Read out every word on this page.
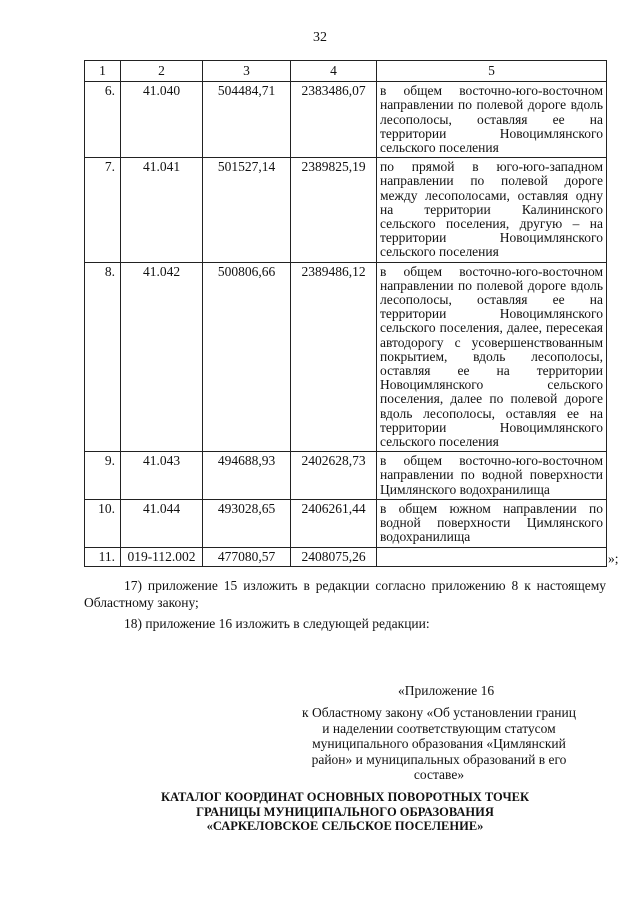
32
1	2	3	4	5
6.	41.040	504484,71	2383486,07	в общем восточно-юго-восточном направлении по полевой дороге вдоль лесополосы, оставляя ее на территории Новоцимлянского сельского поселения
7.	41.041	501527,14	2389825,19	по прямой в юго-юго-западном направлении по полевой дороге между лесополосами, оставляя одну на территории Калининского сельского поселения, другую – на территории Новоцимлянского сельского поселения
8.	41.042	500806,66	2389486,12	в общем восточно-юго-восточном направлении по полевой дороге вдоль лесополосы, оставляя ее на территории Новоцимлянского сельского поселения, далее, пересекая автодорогу с усовершенствованным покрытием, вдоль лесополосы, оставляя ее на территории Новоцимлянского сельского поселения, далее по полевой дороге вдоль лесополосы, оставляя ее на территории Новоцимлянского сельского поселения
9.	41.043	494688,93	2402628,73	в общем восточно-юго-восточном направлении по водной поверхности Цимлянского водохранилища
10.	41.044	493028,65	2406261,44	в общем южном направлении по водной поверхности Цимлянского водохранилища
11.	019-112.002	477080,57	2408075,26		»;
17) приложение 15 изложить в редакции согласно приложению 8 к настоящему Областному закону;
18) приложение 16 изложить в следующей редакции:
«Приложение 16
к Областному закону «Об установлении границ и наделении соответствующим статусом муниципального образования «Цимлянский район» и муниципальных образований в его составе»
КАТАЛОГ КООРДИНАТ ОСНОВНЫХ ПОВОРОТНЫХ ТОЧЕК
ГРАНИЦЫ МУНИЦИПАЛЬНОГО ОБРАЗОВАНИЯ
«САРКЕЛОВСКОЕ СЕЛЬСКОЕ ПОСЕЛЕНИЕ»
